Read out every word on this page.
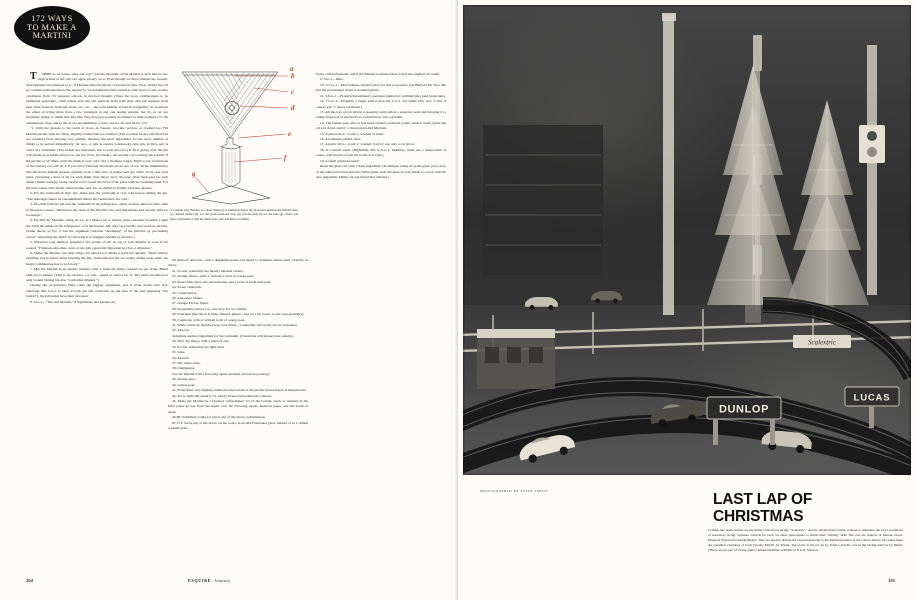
172 WAYS
TO MAKE A
MARTINI

THERE is, of course, only one way*, but the mystique of the Martini is such that no two high priests of the cult can agree exactly on it. Even though we have omitted the esoteric developments in technique (e.g.: if Martinis must be stirred clockwise in New York, should the rod go counterclockwise below the equator?), we nonetheless find ourselves with more or less worthy candidates from 172 separate schools of devoted thought. (Were the cross combinations to be numbered separately—with lemon peel and salt separate from with olive and salt separate from peel alone separate from salt alone, etc., etc.—the total number would be staggering. So would be the effect of trying more than a few variations at any one tasting session, but try, as we are staunchly trying, to admit that The One Way may just possibly be subject to improvement.) To the adventurous, then, and to the as-yet uncommitted, a toast: one for all, and all for 172:

"1. Chill the glasses to the point of frost—in freezer, ice-cube section, or crushed ice. Fill Martini pitcher with ice cubes, slightly cracked but not crushed. (The ice must be dry and there but not crushed.) Now, moving very quickly, measure the exact ingredients for the exact number of drinks to be served immediately; far two—1 and ¾ ounces London-dry-type gin, in first, and ¾ ounce dry vermouth. (The brands are important, but to each his own.) If all is going well, the gin will smoke as it settles down over the ice. Now, stir briskly, the stirring rod touching the bottom of the pitcher at all times, until the drink is very cold. Not a moment longer. Eight to ten revolutions of the stirring rod will do it if you have followed directions about lots of ice. Strain immediately into the frosty Martini glasses. Quickly twist a thin slice of lemon peel (no white on it) over each glass, extracting a drop of oil for each drink, then throw away the peel. (Use fresh peel for each drink.) Drink lovingly, being careful not to touch the bowl of the glass with the warming hand. For the next round, start afresh: dried pitcher, new ice, re-chilled or freshly iced new glasses.

2. Put the vermouth in first; stir; make sure the vermouth is very cold before adding the gin. "The marriage cannot be consummated unless the vermouth is ice cold."

3. Pre-chill both the gin and the vermouth in the refrigerator, about an hour ahead of time, then in between courses. "Dilution is the curse of the Martini. Use cold ingredients and one stir with ice is enough."

4. Pre-mix the Martinis, using no ice, in a Mason jar or similar glass container boasting a tight lid. Chill the drinks in the refrigerator or in the freezer. Stir only very briefly on ice before serving. (Same theory as No. 3, but the argument concerns "deadening" of the mixture by pre-mixing versus "smoothing the meld" by allowing it to snuggle together in advance.)

5. Whatever your method, sprinkle a few grains of salt on top of each Martini as soon as it's poured. "Fabulous smoother, even of raw gin; especially important in 10-to-1 mixtures."

6. Shake the Martini, but with cubes, not shaved ice. Shake it hard but quickly. "Don't believe anything you've heard about bruising the gin. Vermouth and gin are totally unlike each other; the happy combination has to be forced."

7. Mix the Martini in an electric blender, with 1 teaspoon finely cracked ice per drink. Blend until ice is melted. (This is an advance—or rear—guard of school No. 6. The patter includes not only violent mixing but also "controlled dilution.")

Change the proportions. Here come the biggest arguments, and if wiser heads only nod, believing that 5-to-1 is ideal if both gin and vermouth are the best of the best (meaning "my brands"), the following have their devotees:

8. 2-to-1—"The real Martini," if ingredients and glasses are

a
b
c
d
e
f
g
A cocktail, says Webster, is a short drink (a) of spirituous liquor (b); he doesn't mention the Martini olive (c), almond stuffed (d), nor the good-to-the-last drop (e); nor the stem (f) nor the base (g), where you place your hands so that the drink stays cold, and thus is warming.

20. Pernod: delicious, with a delightful aroma, but likely to dominate unless used carefully as above.

21. Scotch, preferably the heavily smoked variety.

22. Orange bitters, with or without a twist of orange peel.

23. Rose's lime juice, the unsweetened, and a twist of fresh lime peel.

24. Sweet vermouth.

25. Cream sherry.

26. Angostura bitters.

27. Orange Flower Water.

28. Peppermint extract (!)—one drop for two drinks.

29. Falernum (the flavor is lime, almond, ginger—but it's a bit sweet, so use very sparingly).

30. Cointreau, with or without twist of orange peel.

31. White crème de menthe (very, very little)—a smoother, but watch out for sweetness.

32. Akvavit.

Substitute another ingredient for the vermouth. (Classicists will please leave quietly.)

33. Very dry sherry, with a pinch of salt.

34. Scotch, preferably the light kind.

35. Sake.

36. Akvavit.

37. Dry white wine.

38. Champagne.

Use the Martini with a flavoring agent (strained out before pouring):

39. Orange peel.

40. Lemon peel.

41. Fresh mint, very slightly crushed in the bottom of the pitcher before liquor is measured in.

42. Six to eight dill seeds (!!!!), barely broken beforehand in a mortar.

43. Make the Martini in a Clorinex coffeemaker: ice in the bottom, peels or whatnot in the filter paper up top. Pour the liquor over the flavoring agents. Remove paper, stir and strain as usual.

44-86: Substitute vodka for gin in any of the above combinations.

87-172: Serve any of the above on the rocks, in an Old-Fashioned glass, instead of in a chilled cocktail glass

frosty cold beforehand, and if the Martini is drunk before it gets the slightest bit warm.

9. 3-to-1—Ditto.

10. 3.7-to-1—Most famous advance man for this proportion was Bernard De Voto. He had the percentages down to decimal points.

11. 3.8-to-1—Frank Schoonmaker's precision method of splitting hairs (and molecules).

12. 7½-to-1—Probably a larger school than the 5-to-1 can claim. (For two: 3 and ¾ ounces gin, ½ ounce vermouth.)

13. All the way up (or down) to keeping vermouth in a separate room and bringing it to within three feet of gin bottle at cocktail hour. Use a garnish.

14. The lemon peel, after it has been twisted overhead (some outdoor chefs ignite the oil as it drops and lo! a charcoal-broiled Martini).

15. A pitted olive—b sub 1: washed of brine.

16. An almond-stuffed olive.

17. A garlic olive—d sub 1: washed; d sub 2: use only a cut slivor.

18. A cocktail onion. (Rightfully, this is 8-to-1. Manfully, some use a teaspoonful of onion, with the juice from the bottle as it falls.)

19. A small artichoke heart!

Rinse the glass out with a third ingredient. (Technique: using an eyedropper, put a drop of the added attraction into the chilled glass. Roll the glass in your hands to coat it with the new ingredient. Dump out any liquid that remains.)

104	ESQUIRE: January
DUNLOP
LUCAS
Scalextric
PHOTOGRAPHED BY PETER SMITH	LAST LAP OF
CHRISTMAS

Coming into home stretch are the thrills of motorcar racing. "Scalextric," electric model motor racing, reduces to miniature the exact conditions of speedway racing. Separate controls for each car allow participants to match their "driving" skill. The cars are replicas of famous racers: Maserati, Ferrari and Austin Healey. They are electric driven and respond instantly to the lightest pressure of the control button. Of course there are countless variations of track layouts; $29.95, by Triang. The racers at the pit are by Schuco and the cars in the background are by Dinky. (These are not part of racing game.) All merchandise available at F.A.O. Schwarz

105
